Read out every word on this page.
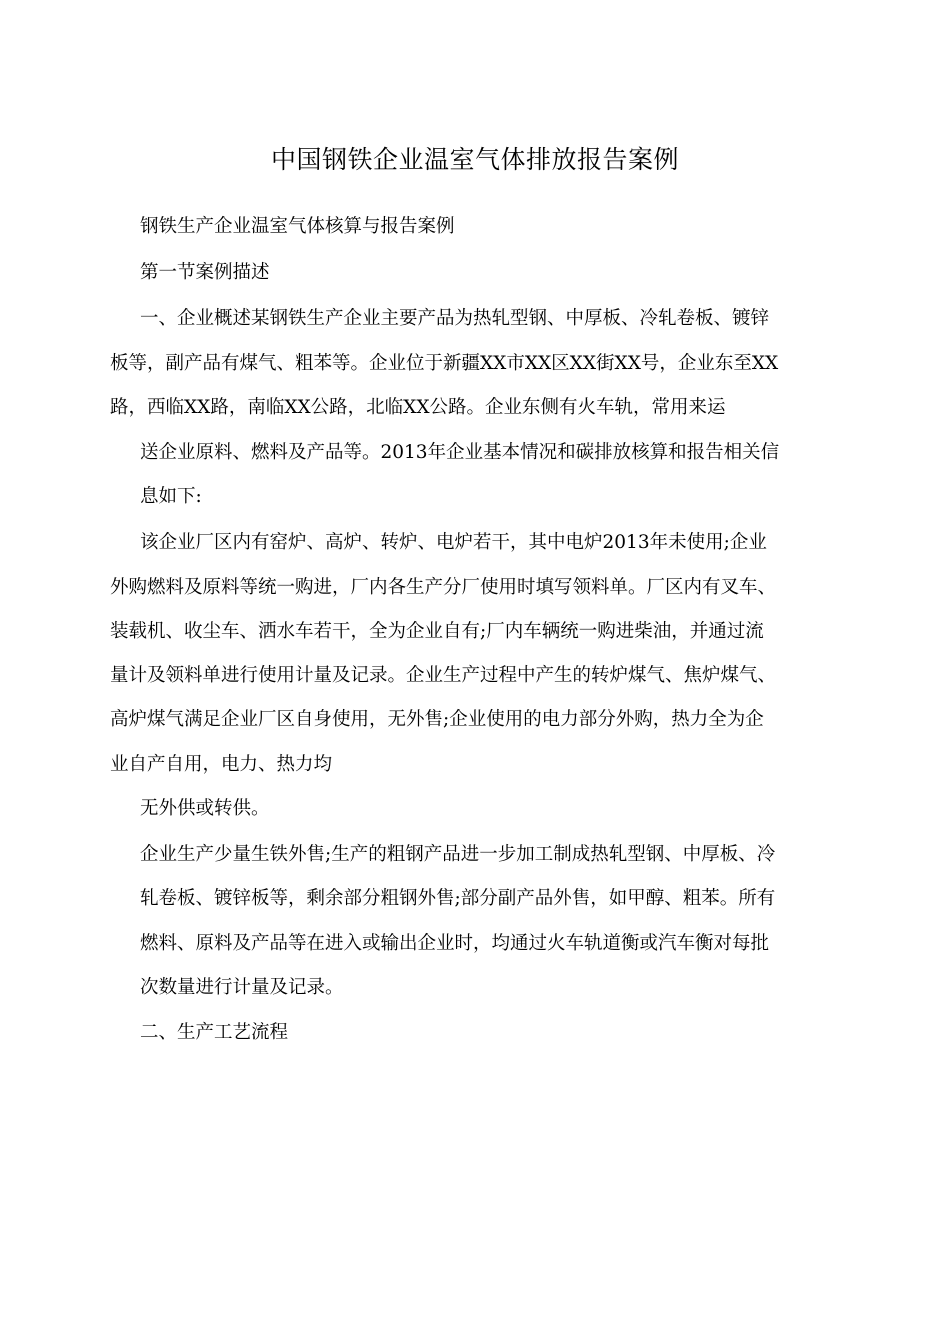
中国钢铁企业温室气体排放报告案例

钢铁生产企业温室气体核算与报告案例

第一节案例描述

一、企业概述某钢铁生产企业主要产品为热轧型钢、中厚板、冷轧卷板、镀锌

板等，副产品有煤气、粗苯等。企业位于新疆XX市XX区XX街XX号，企业东至XX

路，西临XX路，南临XX公路，北临XX公路。企业东侧有火车轨，常用来运

送企业原料、燃料及产品等。2013年企业基本情况和碳排放核算和报告相关信

息如下:

该企业厂区内有窑炉、高炉、转炉、电炉若干，其中电炉2013年未使用;企业

外购燃料及原料等统一购进，厂内各生产分厂使用时填写领料单。厂区内有叉车、

装载机、收尘车、洒水车若干，全为企业自有;厂内车辆统一购进柴油，并通过流

量计及领料单进行使用计量及记录。企业生产过程中产生的转炉煤气、焦炉煤气、

高炉煤气满足企业厂区自身使用，无外售;企业使用的电力部分外购，热力全为企

业自产自用，电力、热力均

无外供或转供。

企业生产少量生铁外售;生产的粗钢产品进一步加工制成热轧型钢、中厚板、冷

轧卷板、镀锌板等，剩余部分粗钢外售;部分副产品外售，如甲醇、粗苯。所有

燃料、原料及产品等在进入或输出企业时，均通过火车轨道衡或汽车衡对每批

次数量进行计量及记录。

二、生产工艺流程
